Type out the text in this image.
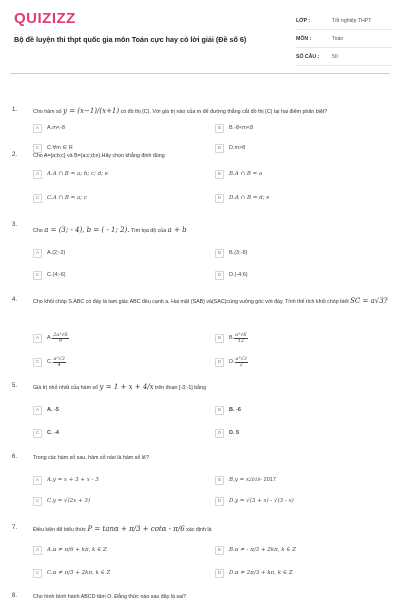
QUIZIZZ
Bộ đề luyện thi thpt quốc gia môn Toán cực hay có lời giải (Đề số 6)
LỚP :	Tốt nghiệp THPT
MÔN :	Toán
SỐ CÂU :	50
1.	Cho hàm số y = (x−1)/(x+1) có đồ thị (C). Với giá trị nào của m để đường thẳng cắt đồ thị (C) tại hai điểm phân biệt?
A	A.m<-8	B	B.-8<m<8
C	C.∀m ∈ R	D	D.m>8
2.	Cho A={a;b;c} và B={a;c;d;e}.Hãy chọn khẳng định đúng
A	A.A ∩ B = a; b; c; d; e	B	B.A ∩ B = a
C	C.A ∩ B = a; c	D	D.A ∩ B = d; e
3.
Cho a = (3; - 4), b = ( - 1; 2). Tìm tọa độ của a + b
A	A.(2;-2)	B	B.(3;-8)
C	C.(4;-6)	D	D.(-4;6)
4.	Cho khối chóp S.ABC có đáy là tam giác ABC đều cạnh a. Hai mặt (SAB) và(SAC)cùng vuông góc với đáy. Tính thể tích khối chóp biết SC = a√3?
A	A. $\frac{\text{2a³√6}}{9}$	B	B. $\frac{\text{a³√6}}{12}$
C	C. $\frac{\text{a³√3}}{4}$	D	D. $\frac{\text{a³√3}}{2}$
5.	Giá trị nhỏ nhất của hàm số y = 1 + x + 4/x trên đoạn [-3;-1] bằng
A	A. -5	B	B. -6
C	C. -4	D	D. 5
6.	Trong các hàm số sau, hàm số nào là hàm số lẻ?
A	A.y = x + 3 + x - 3	B	B.y = x 2018 - 2017
C	C.y = √(2x + 3)	D	D.y = √(3 + x) - √(3 - x)
7.	Điều kiện để biểu thức P = tanα + π/3 + cotα - π/6 xác định là
A	A.α ≠ π/6 + kπ, k ∈ Z	B	B.α ≠ - π/3 + 2kπ, k ∈ Z
C	C.α ≠ π/3 + 2kπ, k ∈ Z	D	D.α ≠ 2π/3 + kπ, k ∈ Z
8.	Cho hình bình hành ABCD tâm O. Đẳng thức nào sau đây là sai?
